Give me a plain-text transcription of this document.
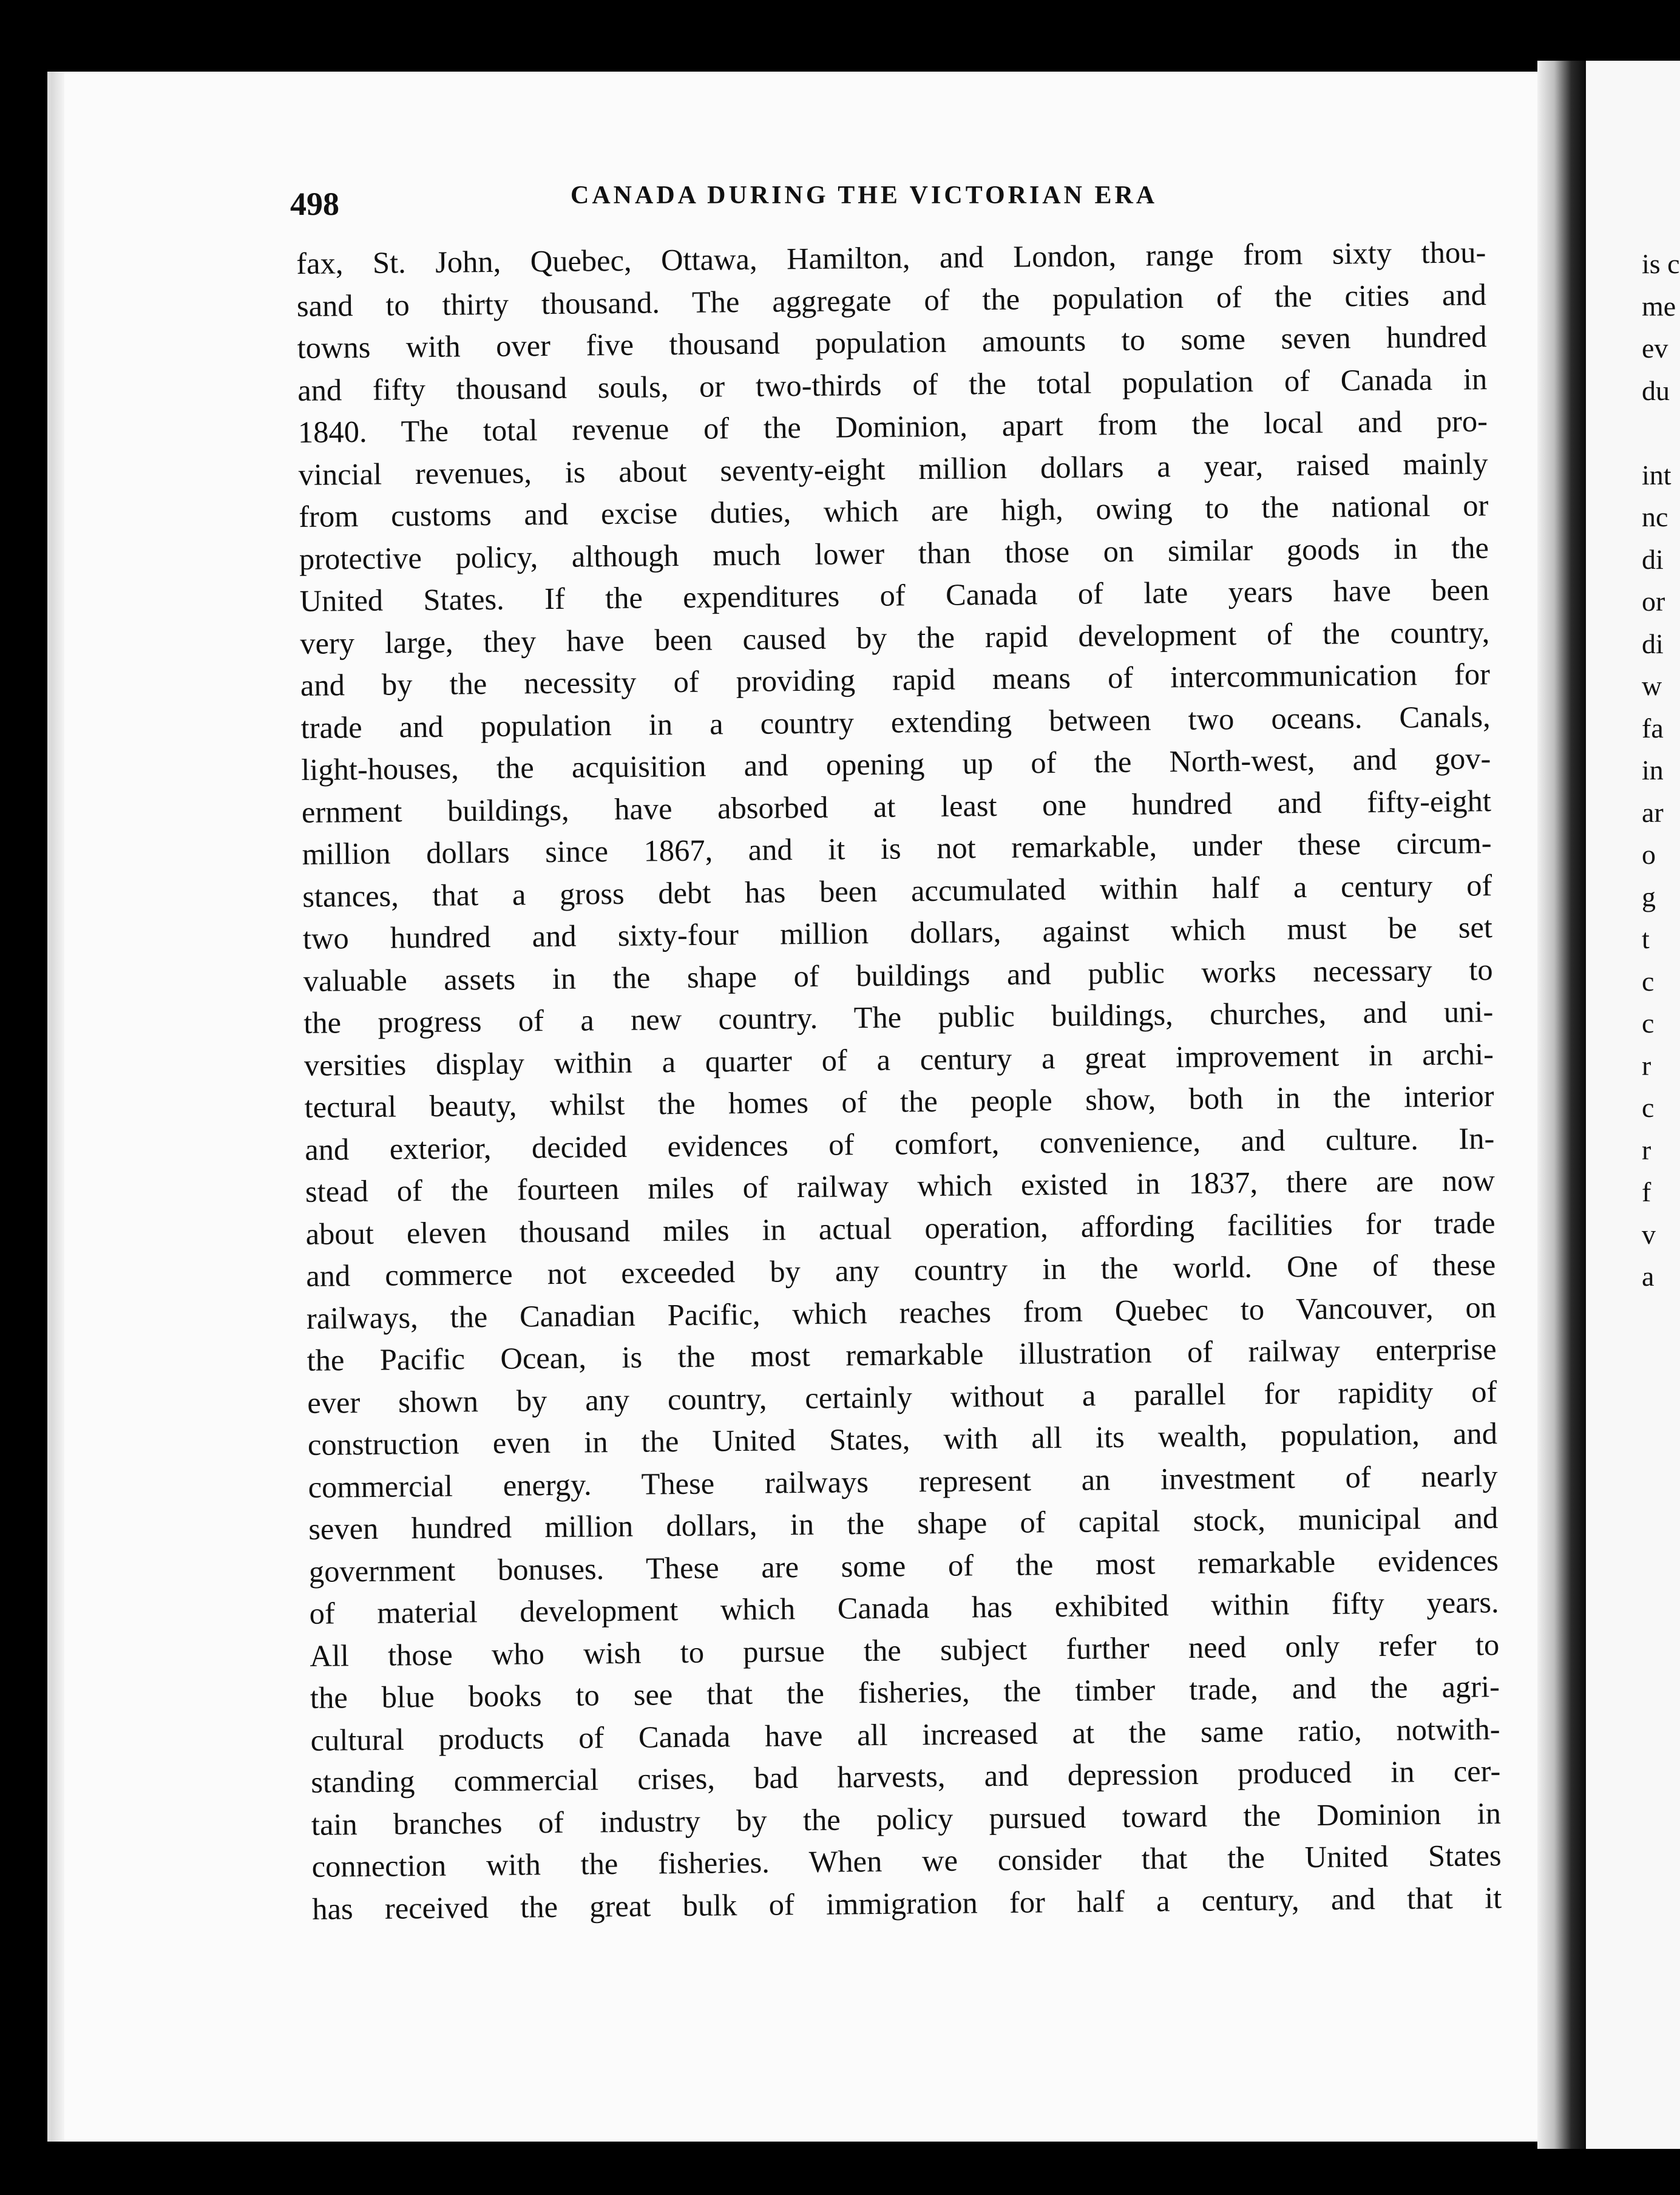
498	CANADA DURING THE VICTORIAN ERA
fax, St. John, Quebec, Ottawa, Hamilton, and London, range from sixty thou-
sand to thirty thousand. The aggregate of the population of the cities and
towns with over five thousand population amounts to some seven hundred
and fifty thousand souls, or two-thirds of the total population of Canada in
1840. The total revenue of the Dominion, apart from the local and pro-
vincial revenues, is about seventy-eight million dollars a year, raised mainly
from customs and excise duties, which are high, owing to the national or
protective policy, although much lower than those on similar goods in the
United States. If the expenditures of Canada of late years have been
very large, they have been caused by the rapid development of the country,
and by the necessity of providing rapid means of intercommunication for
trade and population in a country extending between two oceans. Canals,
light-houses, the acquisition and opening up of the North-west, and gov-
ernment buildings, have absorbed at least one hundred and fifty-eight
million dollars since 1867, and it is not remarkable, under these circum-
stances, that a gross debt has been accumulated within half a century of
two hundred and sixty-four million dollars, against which must be set
valuable assets in the shape of buildings and public works necessary to
the progress of a new country. The public buildings, churches, and uni-
versities display within a quarter of a century a great improvement in archi-
tectural beauty, whilst the homes of the people show, both in the interior
and exterior, decided evidences of comfort, convenience, and culture. In-
stead of the fourteen miles of railway which existed in 1837, there are now
about eleven thousand miles in actual operation, affording facilities for trade
and commerce not exceeded by any country in the world. One of these
railways, the Canadian Pacific, which reaches from Quebec to Vancouver, on
the Pacific Ocean, is the most remarkable illustration of railway enterprise
ever shown by any country, certainly without a parallel for rapidity of
construction even in the United States, with all its wealth, population, and
commercial energy. These railways represent an investment of nearly
seven hundred million dollars, in the shape of capital stock, municipal and
government bonuses. These are some of the most remarkable evidences
of material development which Canada has exhibited within fifty years.
All those who wish to pursue the subject further need only refer to
the blue books to see that the fisheries, the timber trade, and the agri-
cultural products of Canada have all increased at the same ratio, notwith-
standing commercial crises, bad harvests, and depression produced in cer-
tain branches of industry by the policy pursued toward the Dominion in
connection with the fisheries. When we consider that the United States
has received the great bulk of immigration for half a century, and that it
is c
me
ev
du
int
nc
di
or
di
w
fa
in
ar
o
g
t
c
c
r
c
r
f
v
a
